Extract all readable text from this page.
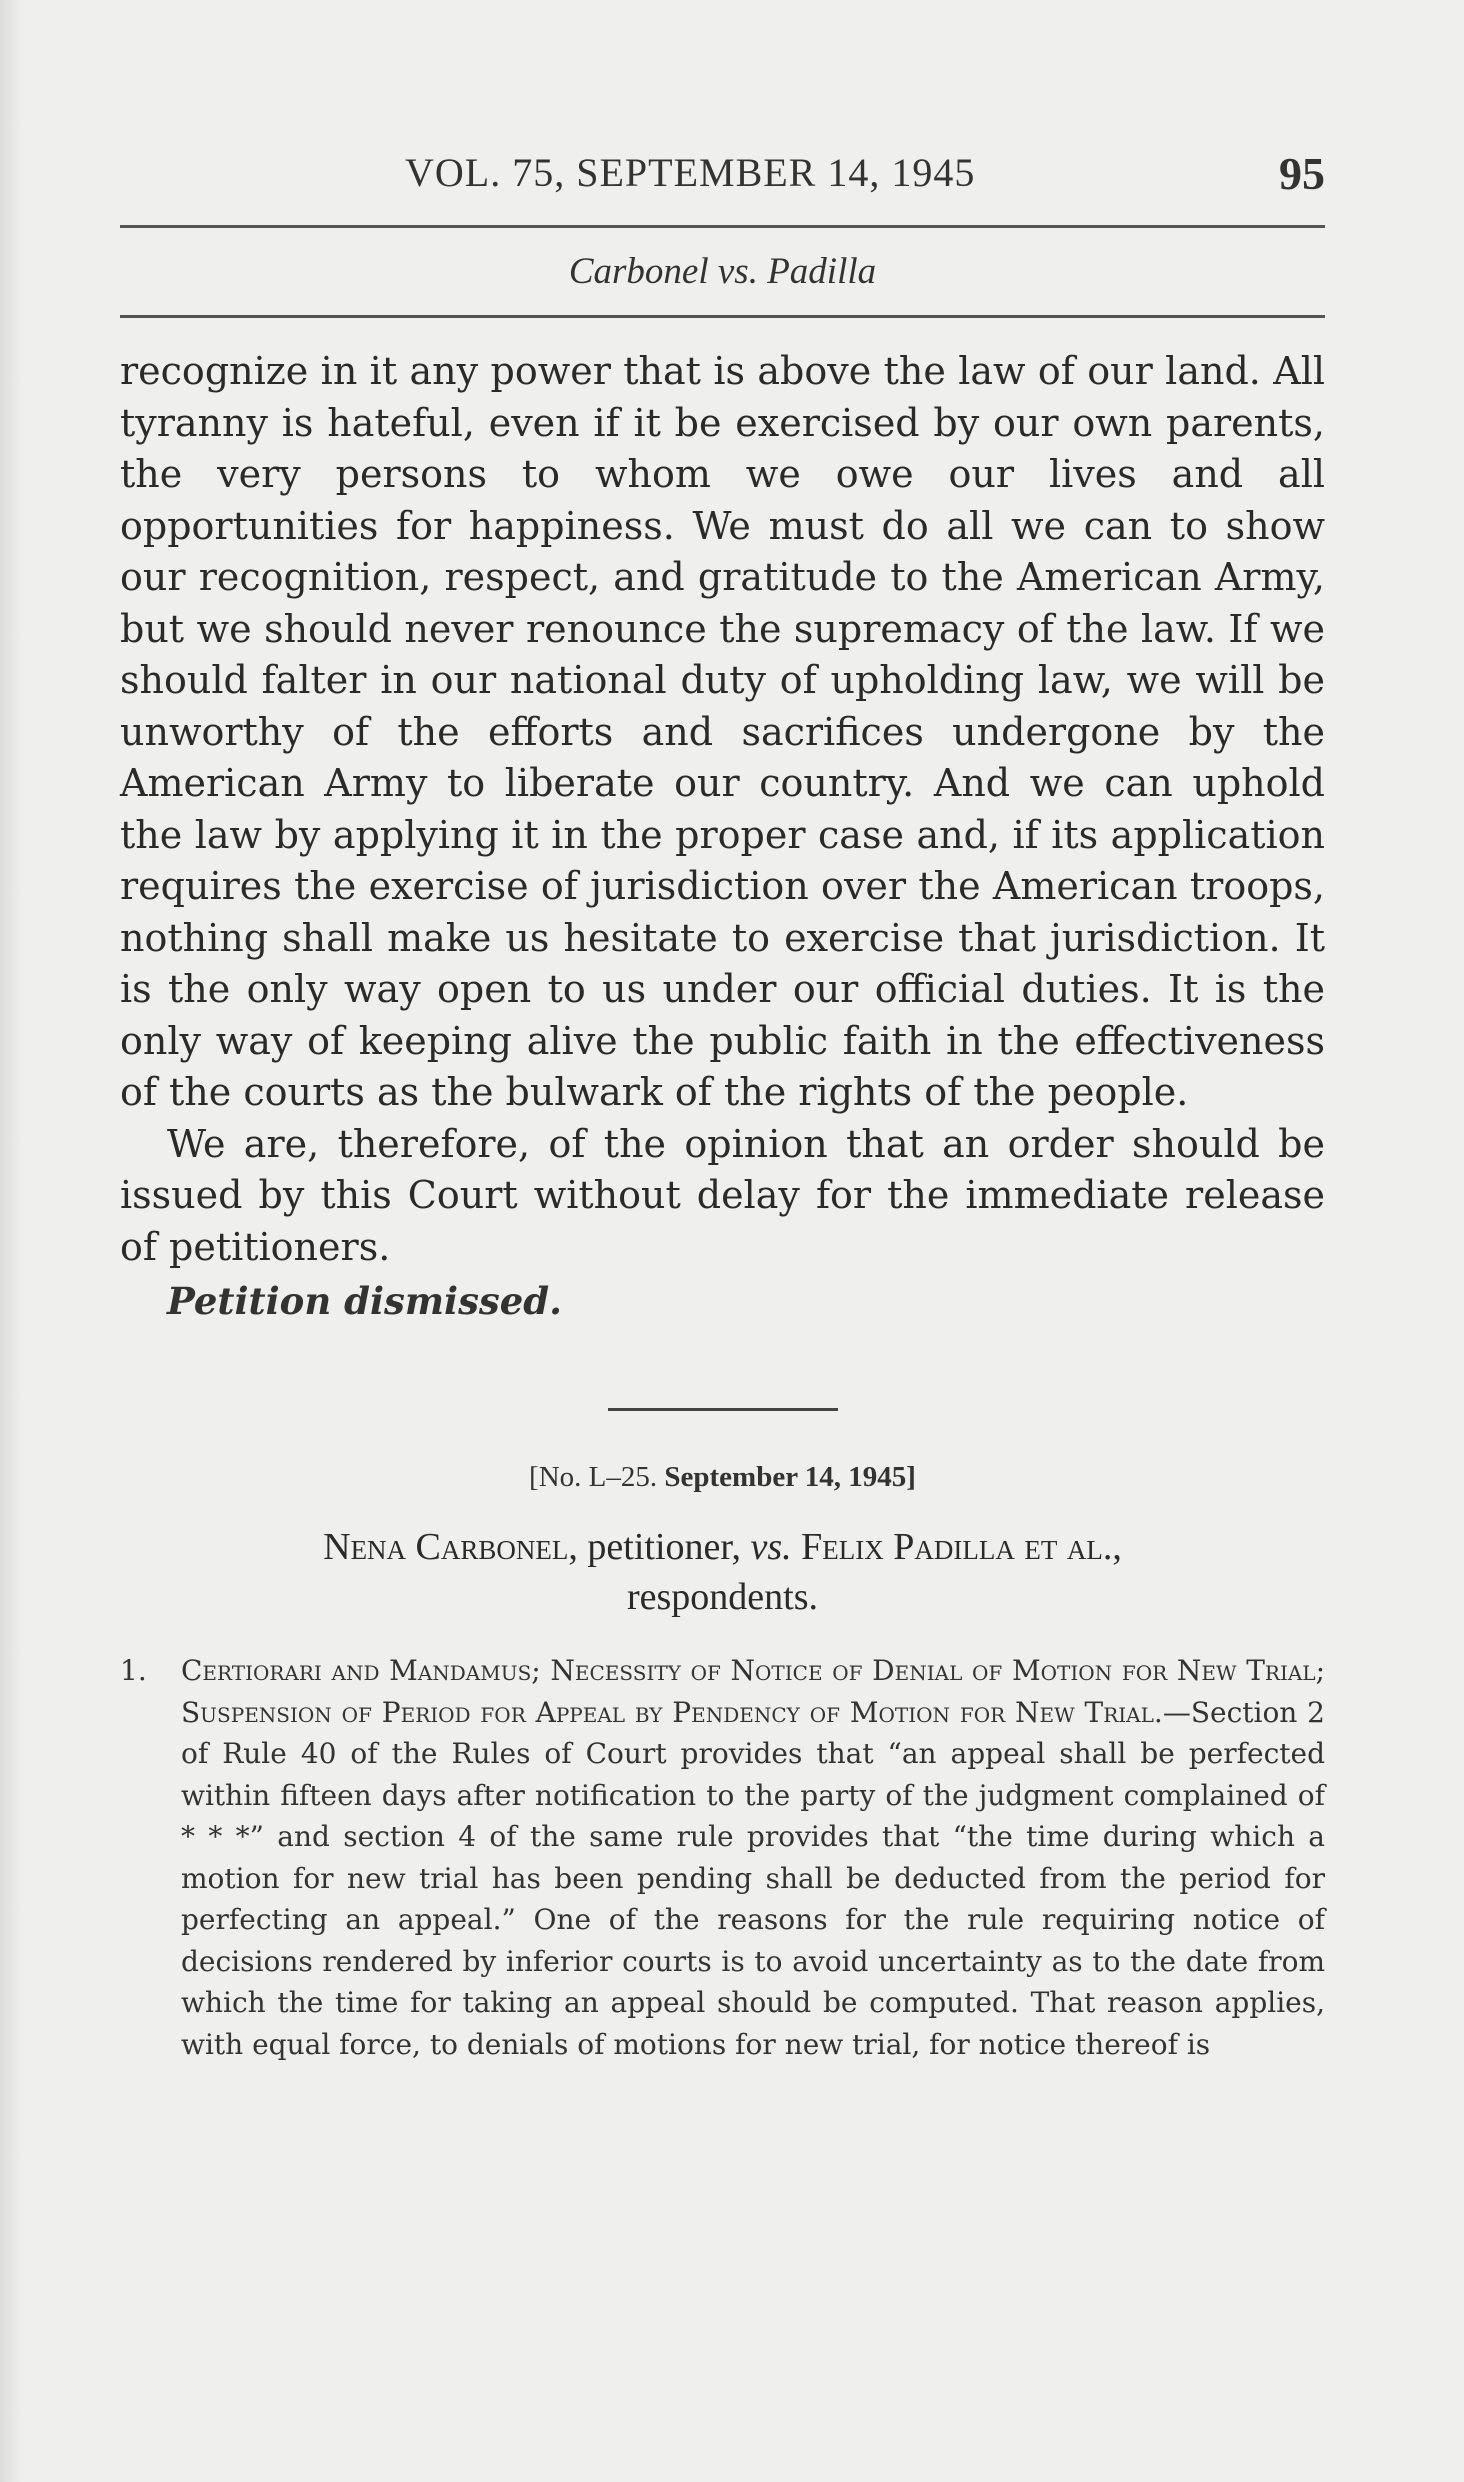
VOL. 75, SEPTEMBER 14, 1945	95
Carbonel vs. Padilla

recognize in it any power that is above the law of our land. All tyranny is hateful, even if it be exercised by our own parents, the very persons to whom we owe our lives and all opportunities for happiness. We must do all we can to show our recognition, respect, and gratitude to the American Army, but we should never renounce the supremacy of the law. If we should falter in our national duty of upholding law, we will be unworthy of the efforts and sacrifices undergone by the American Army to liberate our country. And we can uphold the law by applying it in the proper case and, if its application requires the exercise of jurisdiction over the American troops, nothing shall make us hesitate to exercise that jurisdiction. It is the only way open to us under our official duties. It is the only way of keeping alive the public faith in the effectiveness of the courts as the bulwark of the rights of the people.

We are, therefore, of the opinion that an order should be issued by this Court without delay for the immediate release of petitioners.

Petition dismissed.
[No. L–25. September 14, 1945]
Nena Carbonel, petitioner, vs. Felix Padilla et al.,
respondents.
1. Certiorari and Mandamus; Necessity of Notice of Denial of Motion for New Trial; Suspension of Period for Appeal by Pendency of Motion for New Trial.—Section 2 of Rule 40 of the Rules of Court provides that “an appeal shall be perfected within fifteen days after notification to the party of the judgment complained of * * *” and section 4 of the same rule provides that “the time during which a motion for new trial has been pending shall be deducted from the period for perfecting an appeal.” One of the reasons for the rule requiring notice of decisions rendered by inferior courts is to avoid uncertainty as to the date from which the time for taking an appeal should be computed. That reason applies, with equal force, to denials of motions for new trial, for notice thereof is
